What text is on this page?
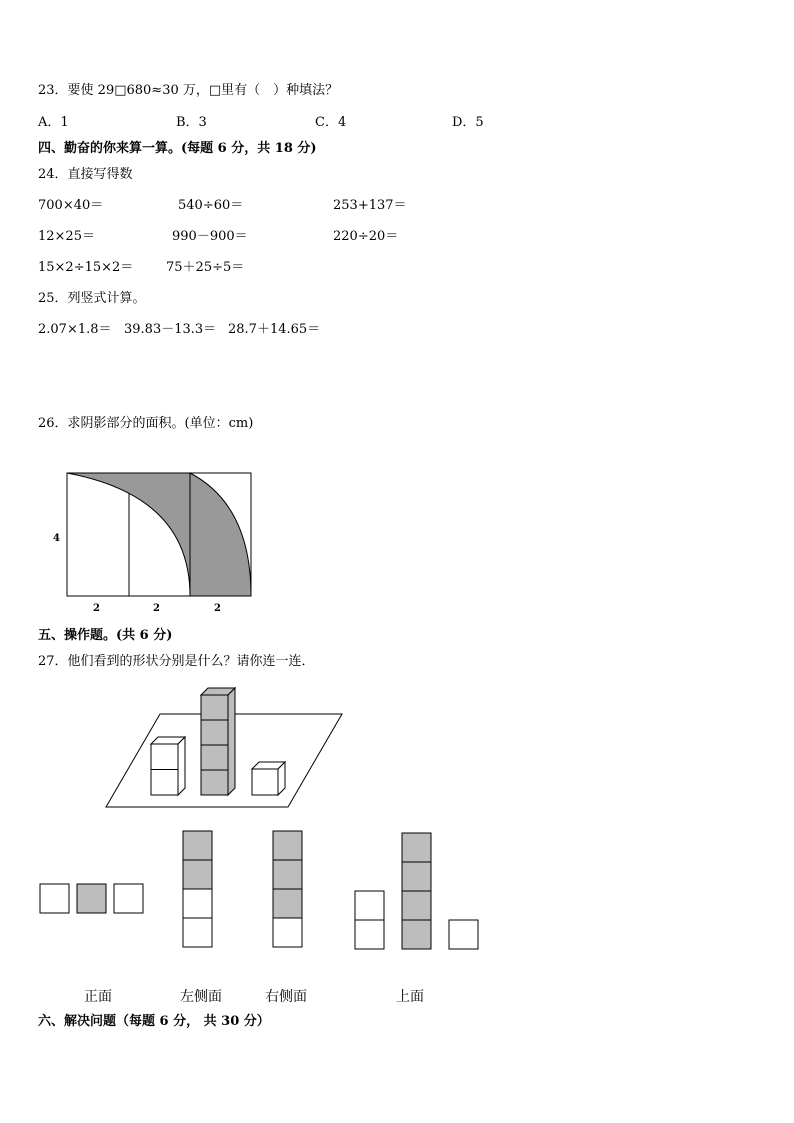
23．要使 29□680≈30 万，□里有（　）种填法？
A．1	B．3	C．4	D．5
四、勤奋的你来算一算。(每题 6 分，共 18 分)
24．直接写得数
700×40＝	540÷60＝	253+137＝
12×25＝	990－900＝	220÷20＝
15×2÷15×2＝	75＋25÷5＝
25．列竖式计算。
2.07×1.8＝ 39.83－13.3＝ 28.7＋14.65＝
26．求阴影部分的面积。(单位：cm)
五、操作题。(共 6 分)
27．他们看到的形状分别是什么？请你连一连．
正面	左侧面	右侧面	上面
六、解决问题（每题 6 分， 共 30 分）
4
2	2	2
